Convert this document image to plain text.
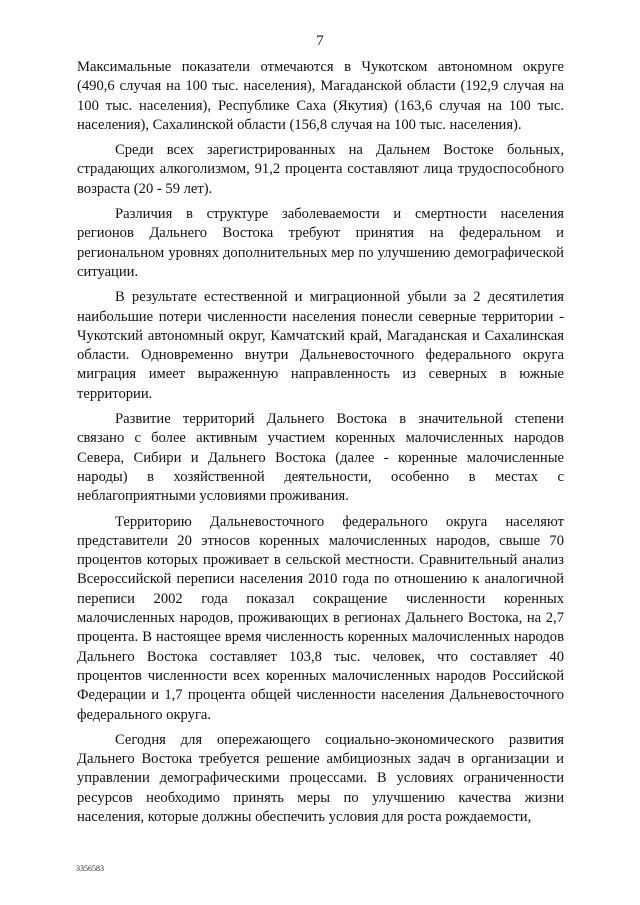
7

Максимальные показатели отмечаются в Чукотском автономном округе (490,6 случая на 100 тыс. населения), Магаданской области (192,9 случая на 100 тыс. населения), Республике Саха (Якутия) (163,6 случая на 100 тыс. населения), Сахалинской области (156,8 случая на 100 тыс. населения).

Среди всех зарегистрированных на Дальнем Востоке больных, страдающих алкоголизмом, 91,2 процента составляют лица трудоспособного возраста (20 - 59 лет).

Различия в структуре заболеваемости и смертности населения регионов Дальнего Востока требуют принятия на федеральном и региональном уровнях дополнительных мер по улучшению демографической ситуации.

В результате естественной и миграционной убыли за 2 десятилетия наибольшие потери численности населения понесли северные территории - Чукотский автономный округ, Камчатский край, Магаданская и Сахалинская области. Одновременно внутри Дальневосточного федерального округа миграция имеет выраженную направленность из северных в южные территории.

Развитие территорий Дальнего Востока в значительной степени связано с более активным участием коренных малочисленных народов Севера, Сибири и Дальнего Востока (далее - коренные малочисленные народы) в хозяйственной деятельности, особенно в местах с неблагоприятными условиями проживания.

Территорию Дальневосточного федерального округа населяют представители 20 этносов коренных малочисленных народов, свыше 70 процентов которых проживает в сельской местности. Сравнительный анализ Всероссийской переписи населения 2010 года по отношению к аналогичной переписи 2002 года показал сокращение численности коренных малочисленных народов, проживающих в регионах Дальнего Востока, на 2,7 процента. В настоящее время численность коренных малочисленных народов Дальнего Востока составляет 103,8 тыс. человек, что составляет 40 процентов численности всех коренных малочисленных народов Российской Федерации и 1,7 процента общей численности населения Дальневосточного федерального округа.

Сегодня для опережающего социально-экономического развития Дальнего Востока требуется решение амбициозных задач в организации и управлении демографическими процессами. В условиях ограниченности ресурсов необходимо принять меры по улучшению качества жизни населения, которые должны обеспечить условия для роста рождаемости,

3356583
